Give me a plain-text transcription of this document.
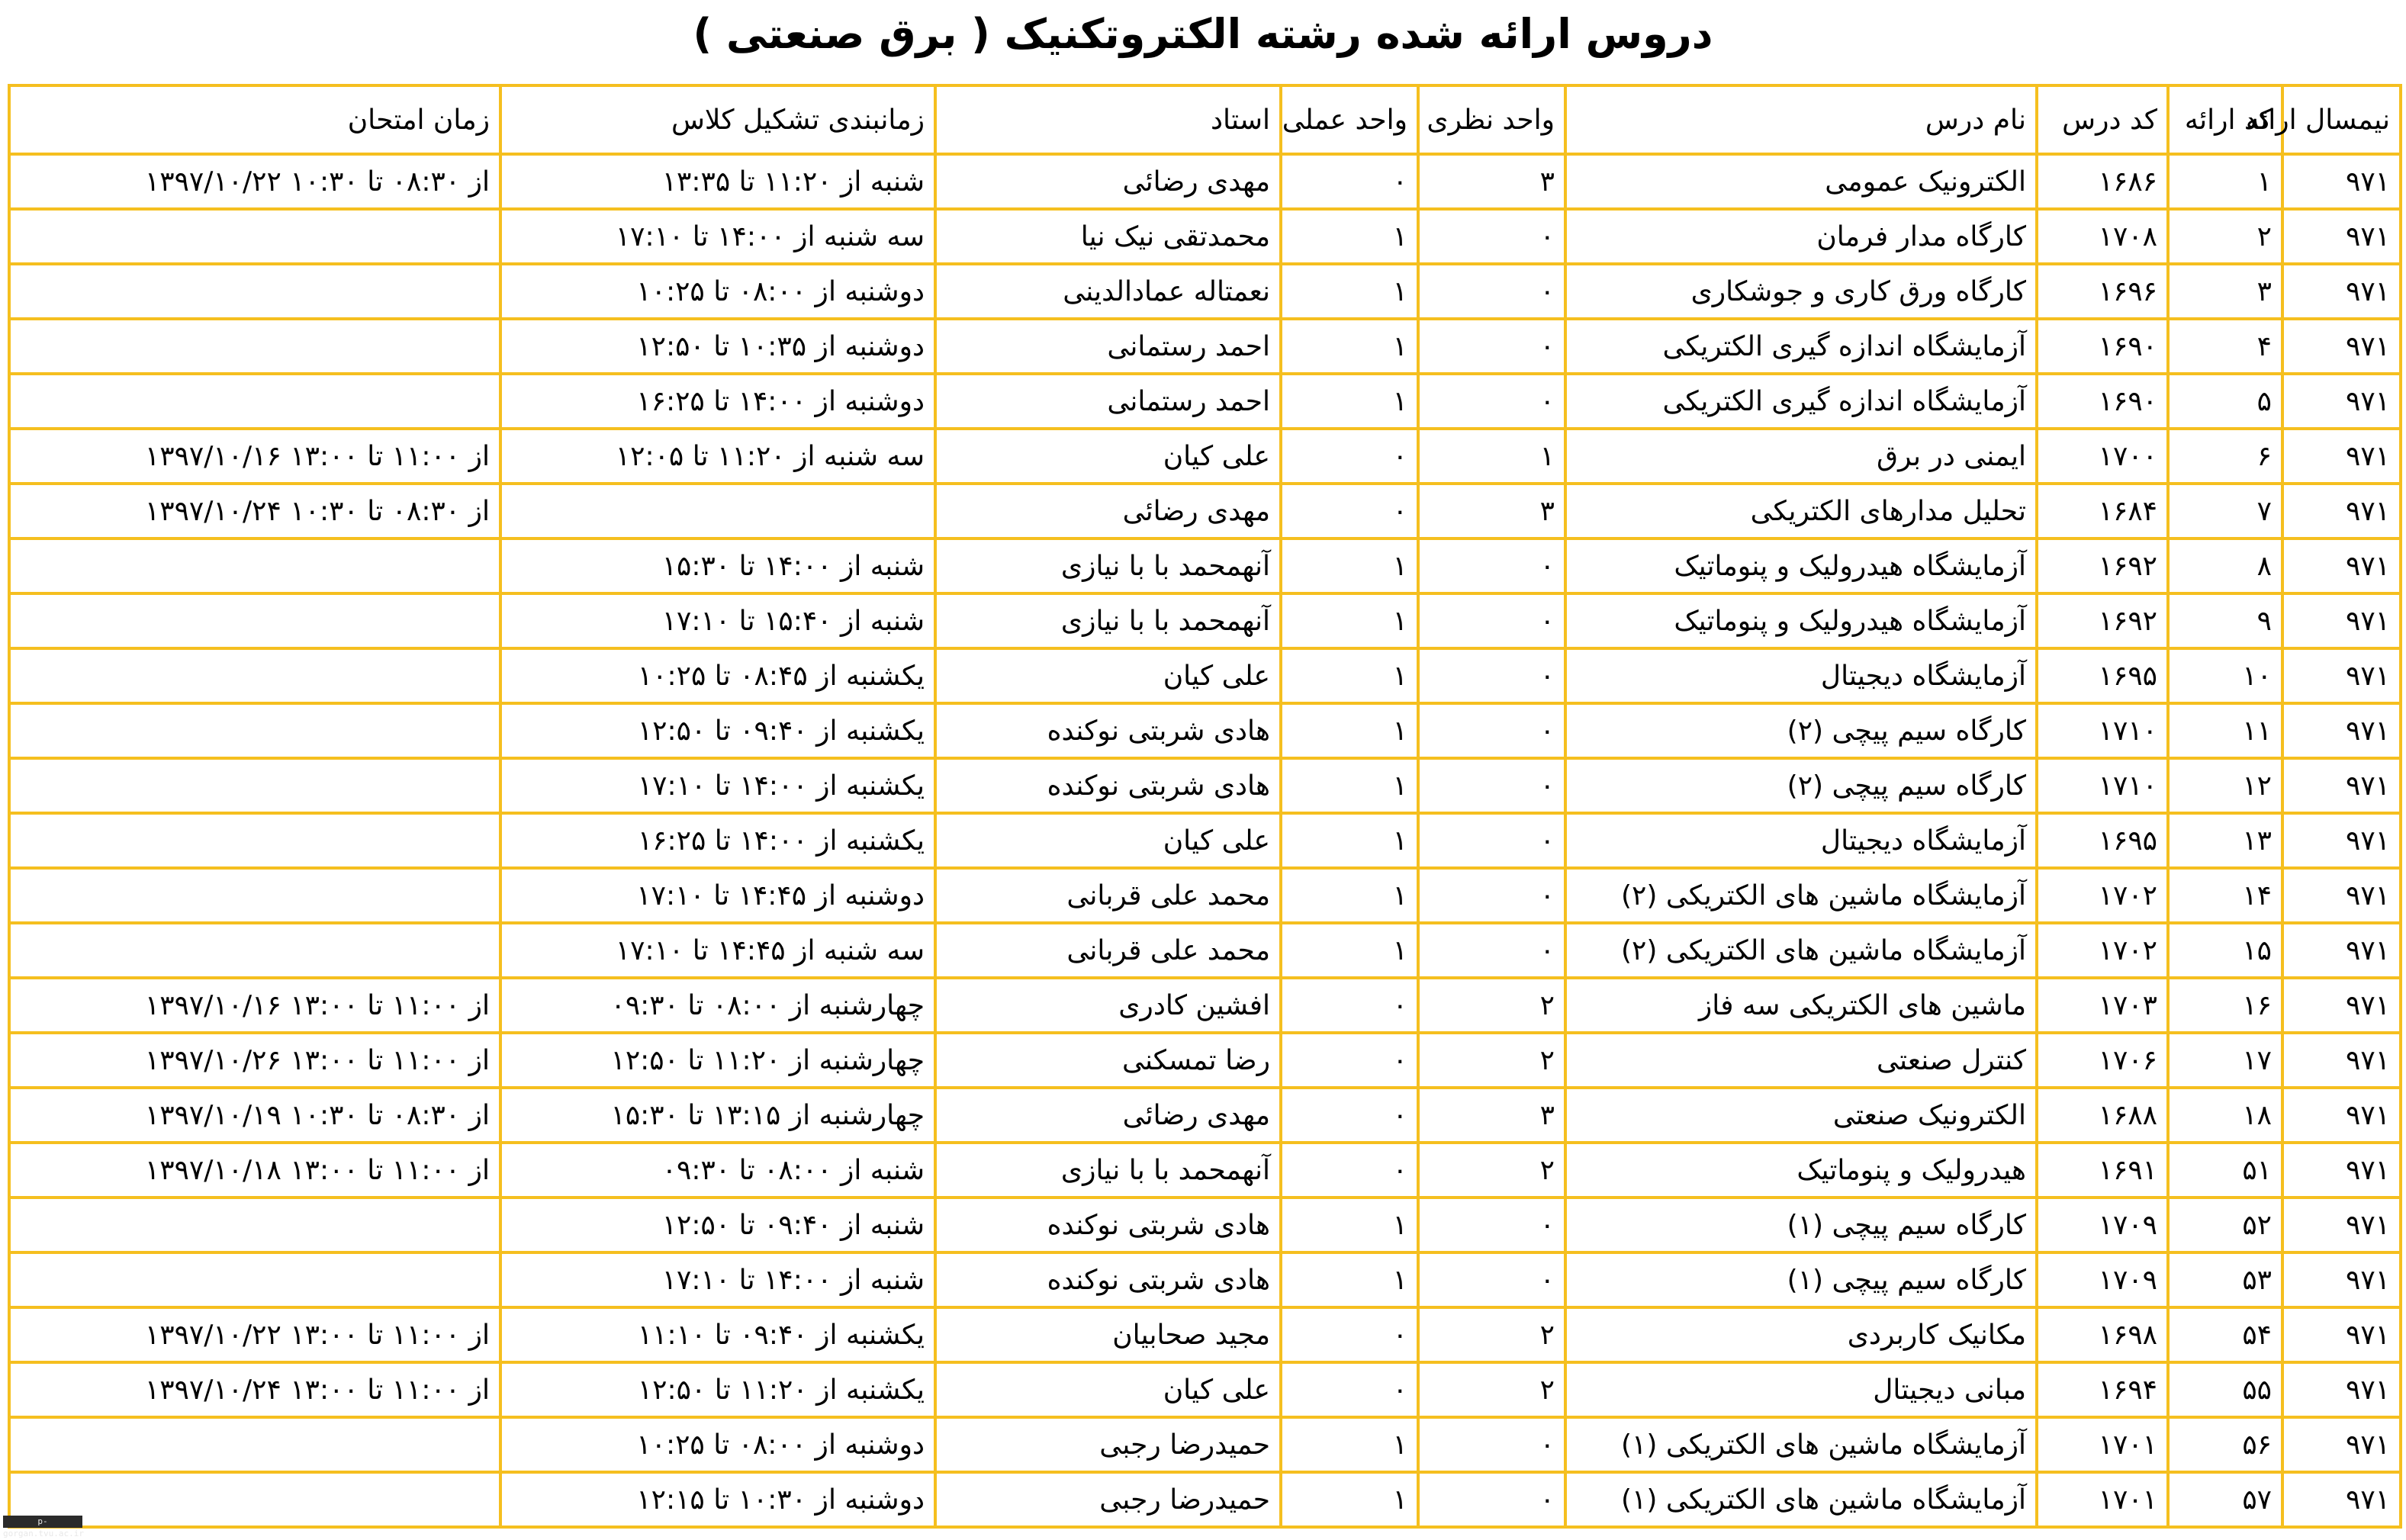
دروس ارائه شده رشته الکتروتکنیک ( برق صنعتی )
نیمسال ارائه	کد ارائه	کد درس	نام درس	واحد نظری	واحد عملی	استاد	زمانبندی تشکیل کلاس	زمان امتحان
۹۷۱	۱	۱۶۸۶	الکترونیک عمومی	۳	۰	مهدی رضائی	شنبه از ۱۱:۲۰ تا ۱۳:۳۵	از ۰۸:۳۰ تا ۱۰:۳۰ ۱۳۹۷/۱۰/۲۲
۹۷۱	۲	۱۷۰۸	کارگاه مدار فرمان	۰	۱	محمدتقی نیک نیا	سه شنبه از ۱۴:۰۰ تا ۱۷:۱۰	
۹۷۱	۳	۱۶۹۶	کارگاه ورق کاری و جوشکاری	۰	۱	نعمتاله عمادالدینی	دوشنبه از ۰۸:۰۰ تا ۱۰:۲۵	
۹۷۱	۴	۱۶۹۰	آزمایشگاه اندازه گیری الکتریکی	۰	۱	احمد رستمانی	دوشنبه از ۱۰:۳۵ تا ۱۲:۵۰	
۹۷۱	۵	۱۶۹۰	آزمایشگاه اندازه گیری الکتریکی	۰	۱	احمد رستمانی	دوشنبه از ۱۴:۰۰ تا ۱۶:۲۵	
۹۷۱	۶	۱۷۰۰	ایمنی در برق	۱	۰	علی کیان	سه شنبه از ۱۱:۲۰ تا ۱۲:۰۵	از ۱۱:۰۰ تا ۱۳:۰۰ ۱۳۹۷/۱۰/۱۶
۹۷۱	۷	۱۶۸۴	تحلیل مدارهای الکتریکی	۳	۰	مهدی رضائی		از ۰۸:۳۰ تا ۱۰:۳۰ ۱۳۹۷/۱۰/۲۴
۹۷۱	۸	۱۶۹۲	آزمایشگاه هیدرولیک و پنوماتیک	۰	۱	آنهمحمد با با نیازی	شنبه از ۱۴:۰۰ تا ۱۵:۳۰	
۹۷۱	۹	۱۶۹۲	آزمایشگاه هیدرولیک و پنوماتیک	۰	۱	آنهمحمد با با نیازی	شنبه از ۱۵:۴۰ تا ۱۷:۱۰	
۹۷۱	۱۰	۱۶۹۵	آزمایشگاه دیجیتال	۰	۱	علی کیان	یکشنبه از ۰۸:۴۵ تا ۱۰:۲۵	
۹۷۱	۱۱	۱۷۱۰	کارگاه سیم پیچی (۲)	۰	۱	هادی شربتی نوکنده	یکشنبه از ۰۹:۴۰ تا ۱۲:۵۰	
۹۷۱	۱۲	۱۷۱۰	کارگاه سیم پیچی (۲)	۰	۱	هادی شربتی نوکنده	یکشنبه از ۱۴:۰۰ تا ۱۷:۱۰	
۹۷۱	۱۳	۱۶۹۵	آزمایشگاه دیجیتال	۰	۱	علی کیان	یکشنبه از ۱۴:۰۰ تا ۱۶:۲۵	
۹۷۱	۱۴	۱۷۰۲	آزمایشگاه ماشین های الکتریکی (۲)	۰	۱	محمد علی قربانی	دوشنبه از ۱۴:۴۵ تا ۱۷:۱۰	
۹۷۱	۱۵	۱۷۰۲	آزمایشگاه ماشین های الکتریکی (۲)	۰	۱	محمد علی قربانی	سه شنبه از ۱۴:۴۵ تا ۱۷:۱۰	
۹۷۱	۱۶	۱۷۰۳	ماشین های الکتریکی سه فاز	۲	۰	افشین کادری	چهارشنبه از ۰۸:۰۰ تا ۰۹:۳۰	از ۱۱:۰۰ تا ۱۳:۰۰ ۱۳۹۷/۱۰/۱۶
۹۷۱	۱۷	۱۷۰۶	کنترل صنعتی	۲	۰	رضا تمسکنی	چهارشنبه از ۱۱:۲۰ تا ۱۲:۵۰	از ۱۱:۰۰ تا ۱۳:۰۰ ۱۳۹۷/۱۰/۲۶
۹۷۱	۱۸	۱۶۸۸	الکترونیک صنعتی	۳	۰	مهدی رضائی	چهارشنبه از ۱۳:۱۵ تا ۱۵:۳۰	از ۰۸:۳۰ تا ۱۰:۳۰ ۱۳۹۷/۱۰/۱۹
۹۷۱	۵۱	۱۶۹۱	هیدرولیک و پنوماتیک	۲	۰	آنهمحمد با با نیازی	شنبه از ۰۸:۰۰ تا ۰۹:۳۰	از ۱۱:۰۰ تا ۱۳:۰۰ ۱۳۹۷/۱۰/۱۸
۹۷۱	۵۲	۱۷۰۹	کارگاه سیم پیچی (۱)	۰	۱	هادی شربتی نوکنده	شنبه از ۰۹:۴۰ تا ۱۲:۵۰	
۹۷۱	۵۳	۱۷۰۹	کارگاه سیم پیچی (۱)	۰	۱	هادی شربتی نوکنده	شنبه از ۱۴:۰۰ تا ۱۷:۱۰	
۹۷۱	۵۴	۱۶۹۸	مکانیک کاربردی	۲	۰	مجید صحابیان	یکشنبه از ۰۹:۴۰ تا ۱۱:۱۰	از ۱۱:۰۰ تا ۱۳:۰۰ ۱۳۹۷/۱۰/۲۲
۹۷۱	۵۵	۱۶۹۴	مبانی دیجیتال	۲	۰	علی کیان	یکشنبه از ۱۱:۲۰ تا ۱۲:۵۰	از ۱۱:۰۰ تا ۱۳:۰۰ ۱۳۹۷/۱۰/۲۴
۹۷۱	۵۶	۱۷۰۱	آزمایشگاه ماشین های الکتریکی (۱)	۰	۱	حمیدرضا رجبی	دوشنبه از ۰۸:۰۰ تا ۱۰:۲۵	
۹۷۱	۵۷	۱۷۰۱	آزمایشگاه ماشین های الکتریکی (۱)	۰	۱	حمیدرضا رجبی	دوشنبه از ۱۰:۳۰ تا ۱۲:۱۵	
p-gorgan.tvu.ac.ir
